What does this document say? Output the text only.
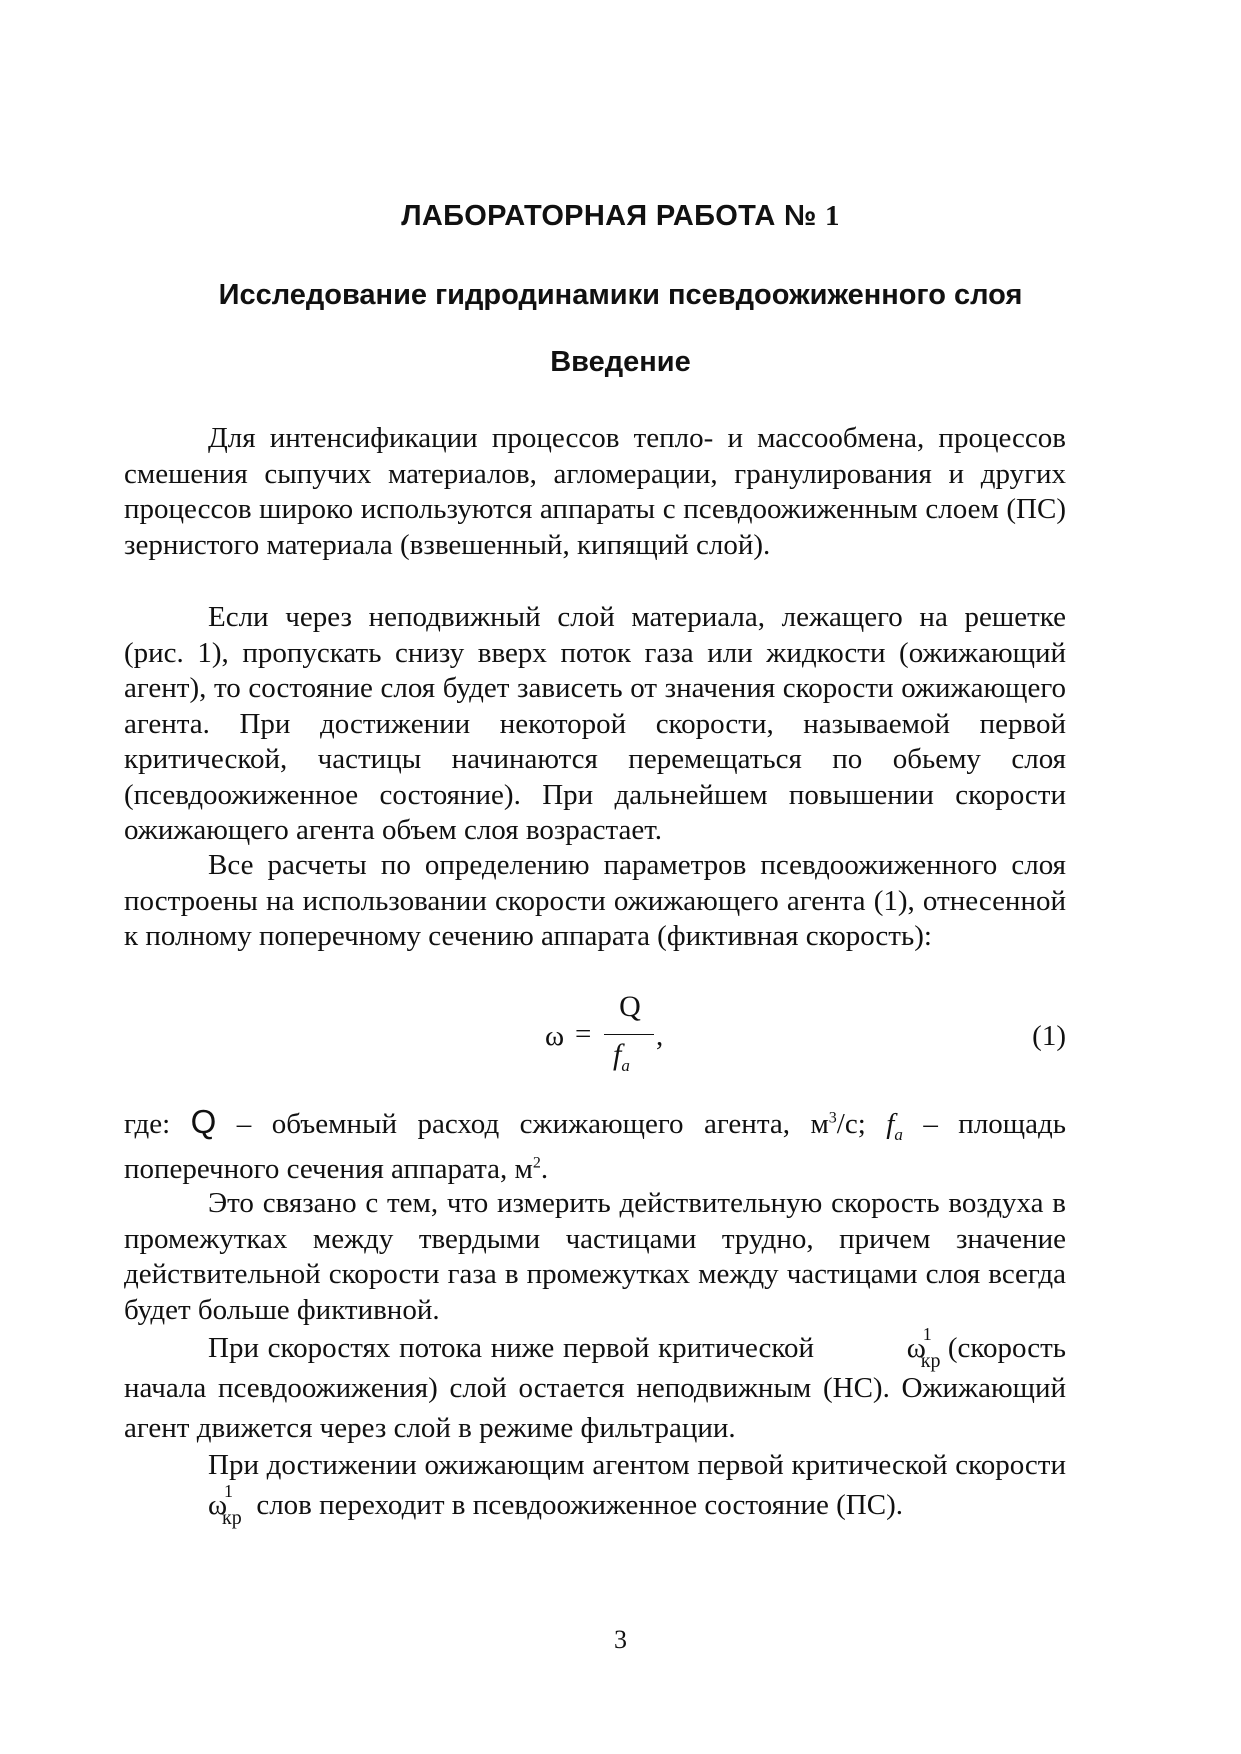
ЛАБОРАТОРНАЯ РАБОТА № 1
Исследование гидродинамики псевдоожиженного слоя
Введение

Для интенсификации процессов тепло- и массообмена, процессов смешения сыпучих материалов, агломерации, гранулирования и других процессов широко используются аппараты с псевдоожиженным слоем (ПС) зернистого материала (взвешенный, кипящий слой).

Если через неподвижный слой материала, лежащего на решетке (рис. 1), пропускать снизу вверх поток газа или жидкости (ожижающий агент), то состояние слоя будет зависеть от значения скорости ожижающего агента. При достижении некоторой скорости, называемой первой критической, частицы начинаются перемещаться по обьему слоя (псевдоожиженное состояние). При дальнейшем повышении скорости ожижающего агента объем слоя возрастает.

Все расчеты по определению параметров псевдоожиженного слоя построены на использовании скорости ожижающего агента (1), отнесенной к полному поперечному сечению аппарата (фиктивная скорость):

ω =
Q
$f_a$
,	(1)

где: Q – объемный расход сжижающего агента, $м^3/с$; $f_a$ – площадь поперечного сечения аппарата, $м^2$.

Это связано с тем, что измерить действительную скорость воздуха в промежутках между твердыми частицами трудно, причем значение действительной скорости газа в промежутках между частицами слоя всегда будет больше фиктивной.

При скоростях потока ниже первой критической	ω
1
кр (скорость начала псевдоожижения) слой остается неподвижным (НС). Ожижающий агент движется через слой в режиме фильтрации.

При достижении ожижающим агентом первой критической скорости ω
1
кр слов переходит в псевдоожиженное состояние (ПС).

3
